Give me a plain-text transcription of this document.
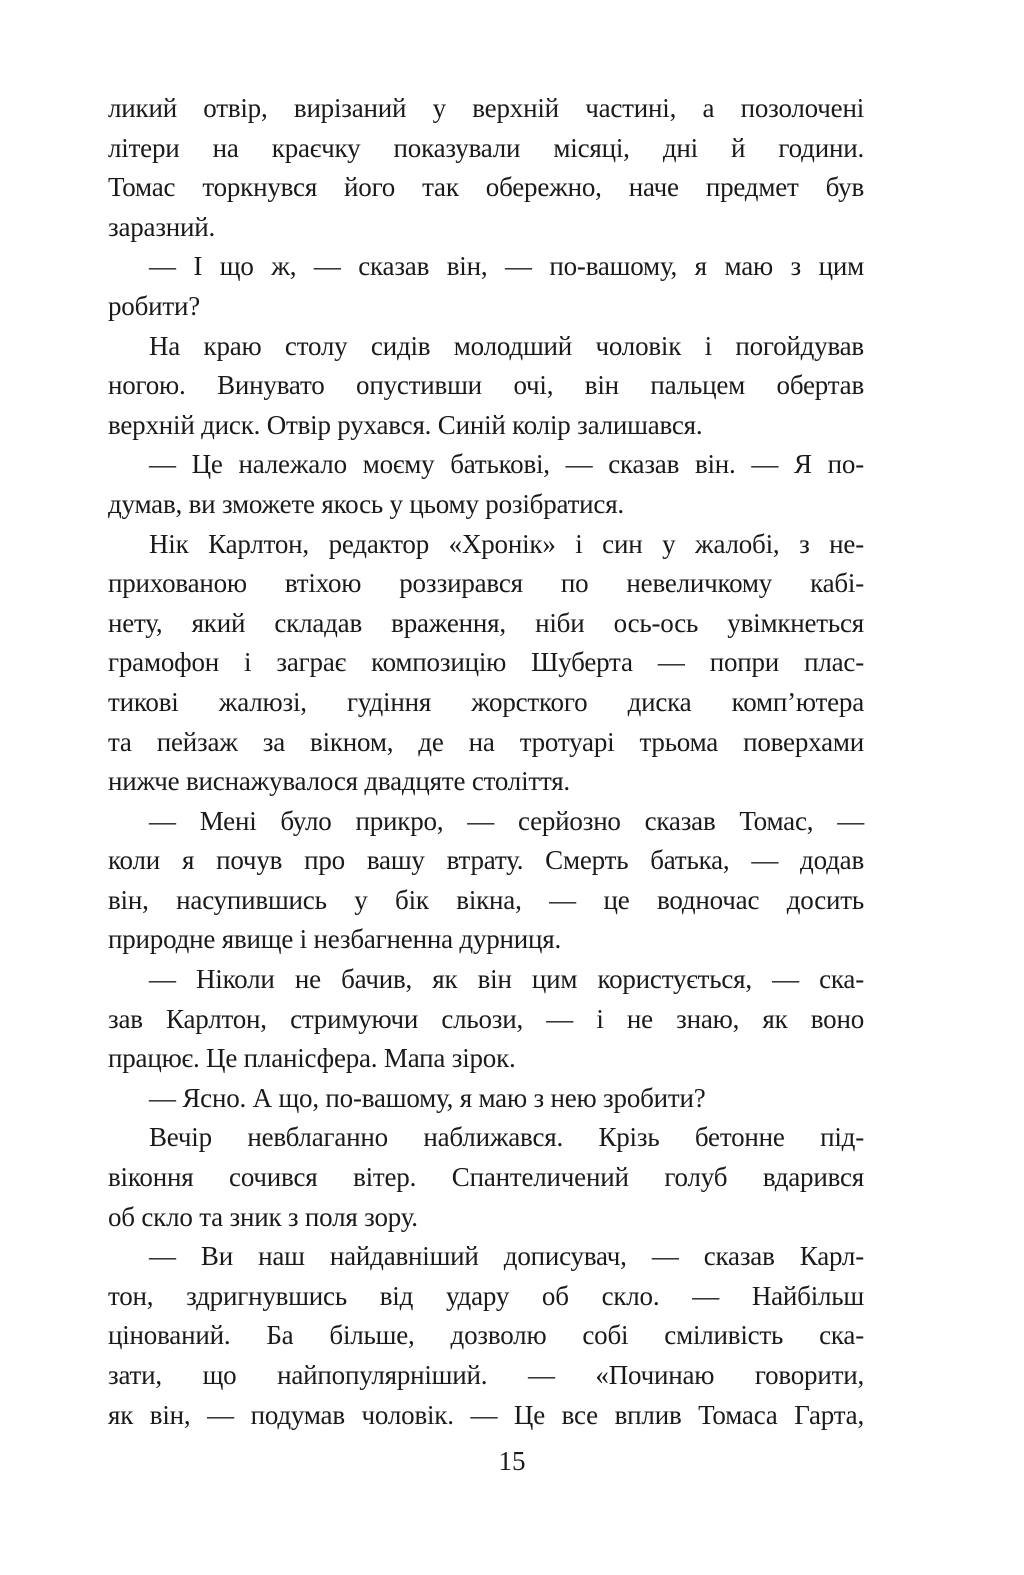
ликий отвір, вирізаний у верхній частині, а позолочені
літери на краєчку показували місяці, дні й години.
Томас торкнувся його так обережно, наче предмет був
заразний.
— І що ж, — сказав він, — по-вашому, я маю з цим
робити?
На краю столу сидів молодший чоловік і погойдував
ногою. Винувато опустивши очі, він пальцем обертав
верхній диск. Отвір рухався. Синій колір залишався.
— Це належало моєму батькові, — сказав він. — Я по-
думав, ви зможете якось у цьому розібратися.
Нік Карлтон, редактор «Хронік» і син у жалобі, з не-
прихованою втіхою роззирався по невеличкому кабі-
нету, який складав враження, ніби ось-ось увімкнеться
грамофон і заграє композицію Шуберта — попри плас-
тикові жалюзі, гудіння жорсткого диска комп’ютера
та пейзаж за вікном, де на тротуарі трьома поверхами
нижче виснажувалося двадцяте століття.
— Мені було прикро, — серйозно сказав Томас, —
коли я почув про вашу втрату. Смерть батька, — додав
він, насупившись у бік вікна, — це водночас досить
природне явище і незбагненна дурниця.
— Ніколи не бачив, як він цим користується, — ска-
зав Карлтон, стримуючи сльози, — і не знаю, як воно
працює. Це планісфера. Мапа зірок.
— Ясно. А що, по-вашому, я маю з нею зробити?
Вечір невблаганно наближався. Крізь бетонне під-
віконня сочився вітер. Спантеличений голуб вдарився
об скло та зник з поля зору.
— Ви наш найдавніший дописувач, — сказав Карл-
тон, здригнувшись від удару об скло. — Найбільш
цінований. Ба більше, дозволю собі сміливість ска-
зати, що найпопулярніший. — «Починаю говорити,
як він, — подумав чоловік. — Це все вплив Томаса Гарта,
15
